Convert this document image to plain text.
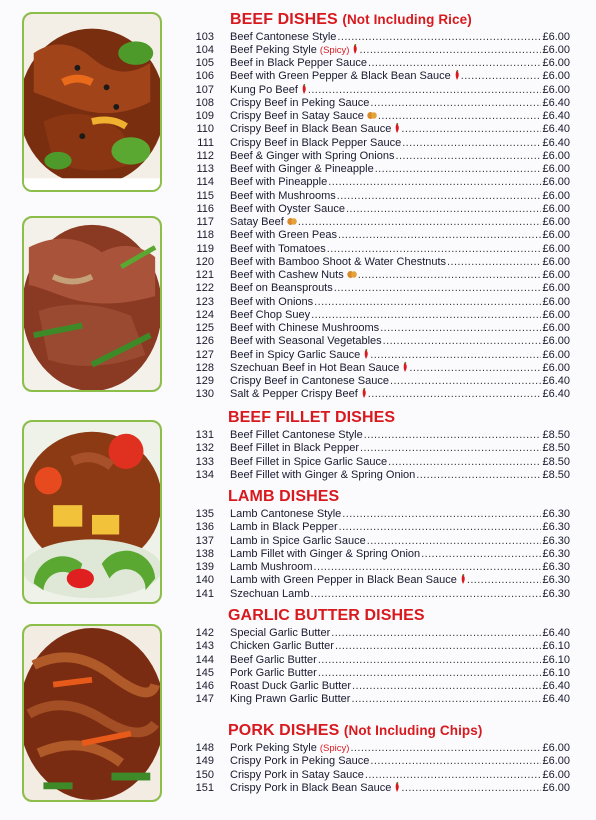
BEEF DISHES (Not Including Rice)
103 Beef Cantonese Style .....	£6.00
104 Beef Peking Style (Spicy) .....	£6.00
105 Beef in Black Pepper Sauce .....	£6.00
106 Beef with Green Pepper & Black Bean Sauce .....	£6.00
107 Kung Po Beef .....	£6.00
108 Crispy Beef in Peking Sauce .....	£6.40
109 Crispy Beef in Satay Sauce .....	£6.40
110 Crispy Beef in Black Bean Sauce .....	£6.40
111 Crispy Beef in Black Pepper Sauce .....	£6.40
112 Beef & Ginger with Spring Onions .....	£6.00
113 Beef with Ginger & Pineapple .....	£6.00
114 Beef with Pineapple .....	£6.00
115 Beef with Mushrooms .....	£6.00
116 Beef with Oyster Sauce .....	£6.00
117 Satay Beef .....	£6.00
118 Beef with Green Peas .....	£6.00
119 Beef with Tomatoes .....	£6.00
120 Beef with Bamboo Shoot & Water Chestnuts .....	£6.00
121 Beef with Cashew Nuts .....	£6.00
122 Beef on Beansprouts .....	£6.00
123 Beef with Onions .....	£6.00
124 Beef Chop Suey .....	£6.00
125 Beef with Chinese Mushrooms .....	£6.00
126 Beef with Seasonal Vegetables .....	£6.00
127 Beef in Spicy Garlic Sauce .....	£6.00
128 Szechuan Beef in Hot Bean Sauce .....	£6.00
129 Crispy Beef in Cantonese Sauce .....	£6.40
130 Salt & Pepper Crispy Beef .....	£6.40
BEEF FILLET DISHES
131 Beef Fillet Cantonese Style .....	£8.50
132 Beef Fillet in Black Pepper .....	£8.50
133 Beef Fillet in Spice Garlic Sauce .....	£8.50
134 Beef Fillet with Ginger & Spring Onion .....	£8.50
LAMB DISHES
135 Lamb Cantonese Style .....	£6.30
136 Lamb in Black Pepper .....	£6.30
137 Lamb in Spice Garlic Sauce .....	£6.30
138 Lamb Fillet with Ginger & Spring Onion .....	£6.30
139 Lamb Mushroom .....	£6.30
140 Lamb with Green Pepper in Black Bean Sauce .....	£6.30
141 Szechuan Lamb .....	£6.30
GARLIC BUTTER DISHES
142 Special Garlic Butter .....	£6.40
143 Chicken Garlic Butter .....	£6.10
144 Beef Garlic Butter .....	£6.10
145 Pork Garlic Butter .....	£6.10
146 Roast Duck Garlic Butter .....	£6.40
147 King Prawn Garlic Butter .....	£6.40
PORK DISHES (Not Including Chips)
148 Pork Peking Style (Spicy) .....	£6.00
149 Crispy Pork in Peking Sauce .....	£6.00
150 Crispy Pork in Satay Sauce .....	£6.00
151 Crispy Pork in Black Bean Sauce .....	£6.00
